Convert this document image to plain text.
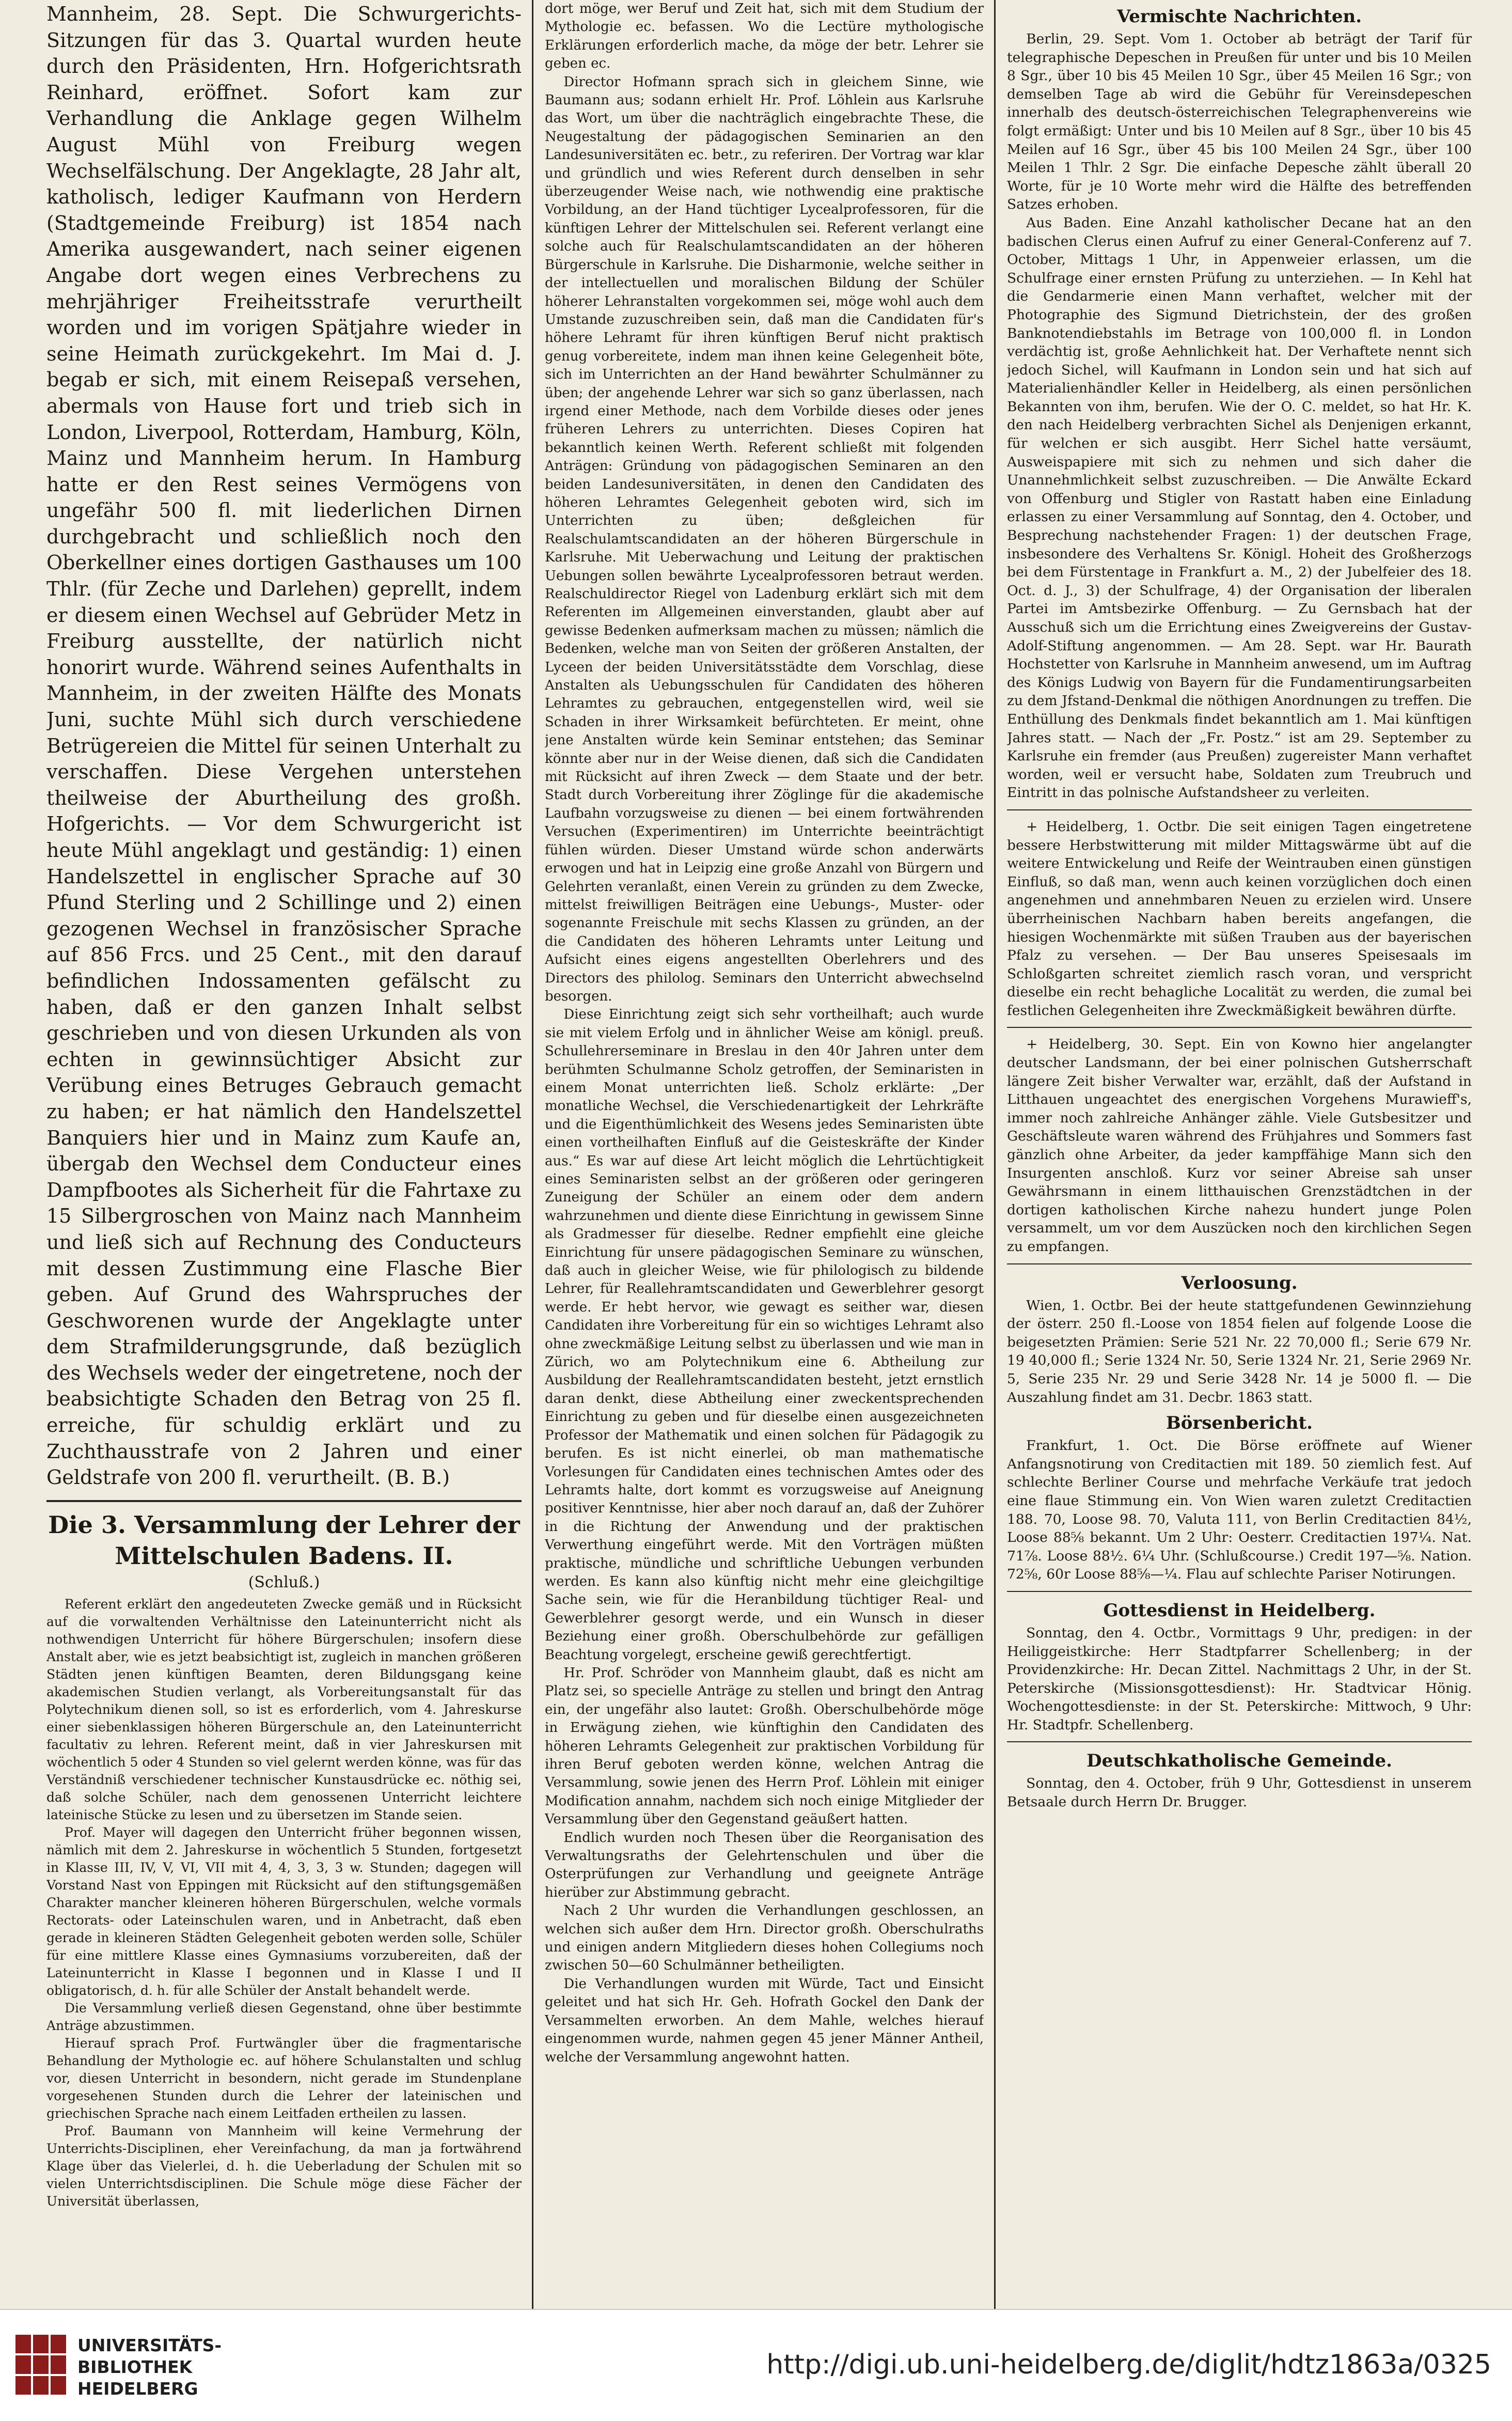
Mannheim, 28. Sept. Die Schwurgerichts-Sitzungen für das 3. Quartal wurden heute durch den Präsidenten, Hrn. Hofgerichtsrath Reinhard, eröffnet. Sofort kam zur Verhandlung die Anklage gegen Wilhelm August Mühl von Freiburg wegen Wechselfälschung. Der Angeklagte, 28 Jahr alt, katholisch, lediger Kaufmann von Herdern (Stadtgemeinde Freiburg) ist 1854 nach Amerika ausgewandert, nach seiner eigenen Angabe dort wegen eines Verbrechens zu mehrjähriger Freiheitsstrafe verurtheilt worden und im vorigen Spätjahre wieder in seine Heimath zurückgekehrt. Im Mai d. J. begab er sich, mit einem Reisepaß versehen, abermals von Hause fort und trieb sich in London, Liverpool, Rotterdam, Hamburg, Köln, Mainz und Mannheim herum. In Hamburg hatte er den Rest seines Vermögens von ungefähr 500 fl. mit liederlichen Dirnen durchgebracht und schließlich noch den Oberkellner eines dortigen Gasthauses um 100 Thlr. (für Zeche und Darlehen) geprellt, indem er diesem einen Wechsel auf Gebrüder Metz in Freiburg ausstellte, der natürlich nicht honorirt wurde. Während seines Aufenthalts in Mannheim, in der zweiten Hälfte des Monats Juni, suchte Mühl sich durch verschiedene Betrügereien die Mittel für seinen Unterhalt zu verschaffen. Diese Vergehen unterstehen theilweise der Aburtheilung des großh. Hofgerichts. — Vor dem Schwurgericht ist heute Mühl angeklagt und geständig: 1) einen Handelszettel in englischer Sprache auf 30 Pfund Sterling und 2 Schillinge und 2) einen gezogenen Wechsel in französischer Sprache auf 856 Frcs. und 25 Cent., mit den darauf befindlichen Indossamenten gefälscht zu haben, daß er den ganzen Inhalt selbst geschrieben und von diesen Urkunden als von echten in gewinnsüchtiger Absicht zur Verübung eines Betruges Gebrauch gemacht zu haben; er hat nämlich den Handelszettel Banquiers hier und in Mainz zum Kaufe an, übergab den Wechsel dem Conducteur eines Dampfbootes als Sicherheit für die Fahrtaxe zu 15 Silbergroschen von Mainz nach Mannheim und ließ sich auf Rechnung des Conducteurs mit dessen Zustimmung eine Flasche Bier geben. Auf Grund des Wahrspruches der Geschworenen wurde der Angeklagte unter dem Strafmilderungsgrunde, daß bezüglich des Wechsels weder der eingetretene, noch der beabsichtigte Schaden den Betrag von 25 fl. erreiche, für schuldig erklärt und zu Zuchthausstrafe von 2 Jahren und einer Geldstrafe von 200 fl. verurtheilt. (B. B.)

Die 3. Versammlung der Lehrer der Mittelschulen Badens. II.
(Schluß.)

Referent erklärt den angedeuteten Zwecke gemäß und in Rücksicht auf die vorwaltenden Verhältnisse den Lateinunterricht nicht als nothwendigen Unterricht für höhere Bürgerschulen; insofern diese Anstalt aber, wie es jetzt beabsichtigt ist, zugleich in manchen größeren Städten jenen künftigen Beamten, deren Bildungsgang keine akademischen Studien verlangt, als Vorbereitungsanstalt für das Polytechnikum dienen soll, so ist es erforderlich, vom 4. Jahreskurse einer siebenklassigen höheren Bürgerschule an, den Lateinunterricht facultativ zu lehren. Referent meint, daß in vier Jahreskursen mit wöchentlich 5 oder 4 Stunden so viel gelernt werden könne, was für das Verständniß verschiedener technischer Kunstausdrücke ec. nöthig sei, daß solche Schüler, nach dem genossenen Unterricht leichtere lateinische Stücke zu lesen und zu übersetzen im Stande seien.

Prof. Mayer will dagegen den Unterricht früher begonnen wissen, nämlich mit dem 2. Jahreskurse in wöchentlich 5 Stunden, fortgesetzt in Klasse III, IV, V, VI, VII mit 4, 4, 3, 3, 3 w. Stunden; dagegen will Vorstand Nast von Eppingen mit Rücksicht auf den stiftungsgemäßen Charakter mancher kleineren höheren Bürgerschulen, welche vormals Rectorats- oder Lateinschulen waren, und in Anbetracht, daß eben gerade in kleineren Städten Gelegenheit geboten werden solle, Schüler für eine mittlere Klasse eines Gymnasiums vorzubereiten, daß der Lateinunterricht in Klasse I begonnen und in Klasse I und II obligatorisch, d. h. für alle Schüler der Anstalt behandelt werde.

Die Versammlung verließ diesen Gegenstand, ohne über bestimmte Anträge abzustimmen.

Hierauf sprach Prof. Furtwängler über die fragmentarische Behandlung der Mythologie ec. auf höhere Schulanstalten und schlug vor, diesen Unterricht in besondern, nicht gerade im Stundenplane vorgesehenen Stunden durch die Lehrer der lateinischen und griechischen Sprache nach einem Leitfaden ertheilen zu lassen.

Prof. Baumann von Mannheim will keine Vermehrung der Unterrichts-Disciplinen, eher Vereinfachung, da man ja fortwährend Klage über das Vielerlei, d. h. die Ueberladung der Schulen mit so vielen Unterrichtsdisciplinen. Die Schule möge diese Fächer der Universität überlassen,

dort möge, wer Beruf und Zeit hat, sich mit dem Studium der Mythologie ec. befassen. Wo die Lectüre mythologische Erklärungen erforderlich mache, da möge der betr. Lehrer sie geben ec.

Director Hofmann sprach sich in gleichem Sinne, wie Baumann aus; sodann erhielt Hr. Prof. Löhlein aus Karlsruhe das Wort, um über die nachträglich eingebrachte These, die Neugestaltung der pädagogischen Seminarien an den Landesuniversitäten ec. betr., zu referiren. Der Vortrag war klar und gründlich und wies Referent durch denselben in sehr überzeugender Weise nach, wie nothwendig eine praktische Vorbildung, an der Hand tüchtiger Lycealprofessoren, für die künftigen Lehrer der Mittelschulen sei. Referent verlangt eine solche auch für Realschulamtscandidaten an der höheren Bürgerschule in Karlsruhe. Die Disharmonie, welche seither in der intellectuellen und moralischen Bildung der Schüler höherer Lehranstalten vorgekommen sei, möge wohl auch dem Umstande zuzuschreiben sein, daß man die Candidaten für's höhere Lehramt für ihren künftigen Beruf nicht praktisch genug vorbereitete, indem man ihnen keine Gelegenheit böte, sich im Unterrichten an der Hand bewährter Schulmänner zu üben; der angehende Lehrer war sich so ganz überlassen, nach irgend einer Methode, nach dem Vorbilde dieses oder jenes früheren Lehrers zu unterrichten. Dieses Copiren hat bekanntlich keinen Werth. Referent schließt mit folgenden Anträgen: Gründung von pädagogischen Seminaren an den beiden Landesuniversitäten, in denen den Candidaten des höheren Lehramtes Gelegenheit geboten wird, sich im Unterrichten zu üben; deßgleichen für Realschulamtscandidaten an der höheren Bürgerschule in Karlsruhe. Mit Ueberwachung und Leitung der praktischen Uebungen sollen bewährte Lycealprofessoren betraut werden. Realschuldirector Riegel von Ladenburg erklärt sich mit dem Referenten im Allgemeinen einverstanden, glaubt aber auf gewisse Bedenken aufmerksam machen zu müssen; nämlich die Bedenken, welche man von Seiten der größeren Anstalten, der Lyceen der beiden Universitätsstädte dem Vorschlag, diese Anstalten als Uebungsschulen für Candidaten des höheren Lehramtes zu gebrauchen, entgegenstellen wird, weil sie Schaden in ihrer Wirksamkeit befürchteten. Er meint, ohne jene Anstalten würde kein Seminar entstehen; das Seminar könnte aber nur in der Weise dienen, daß sich die Candidaten mit Rücksicht auf ihren Zweck — dem Staate und der betr. Stadt durch Vorbereitung ihrer Zöglinge für die akademische Laufbahn vorzugsweise zu dienen — bei einem fortwährenden Versuchen (Experimentiren) im Unterrichte beeinträchtigt fühlen würden. Dieser Umstand würde schon anderwärts erwogen und hat in Leipzig eine große Anzahl von Bürgern und Gelehrten veranlaßt, einen Verein zu gründen zu dem Zwecke, mittelst freiwilligen Beiträgen eine Uebungs-, Muster- oder sogenannte Freischule mit sechs Klassen zu gründen, an der die Candidaten des höheren Lehramts unter Leitung und Aufsicht eines eigens angestellten Oberlehrers und des Directors des philolog. Seminars den Unterricht abwechselnd besorgen.

Diese Einrichtung zeigt sich sehr vortheilhaft; auch wurde sie mit vielem Erfolg und in ähnlicher Weise am königl. preuß. Schullehrerseminare in Breslau in den 40r Jahren unter dem berühmten Schulmanne Scholz getroffen, der Seminaristen in einem Monat unterrichten ließ. Scholz erklärte: „Der monatliche Wechsel, die Verschiedenartigkeit der Lehrkräfte und die Eigenthümlichkeit des Wesens jedes Seminaristen übte einen vortheilhaften Einfluß auf die Geisteskräfte der Kinder aus.“ Es war auf diese Art leicht möglich die Lehrtüchtigkeit eines Seminaristen selbst an der größeren oder geringeren Zuneigung der Schüler an einem oder dem andern wahrzunehmen und diente diese Einrichtung in gewissem Sinne als Gradmesser für dieselbe. Redner empfiehlt eine gleiche Einrichtung für unsere pädagogischen Seminare zu wünschen, daß auch in gleicher Weise, wie für philologisch zu bildende Lehrer, für Reallehramtscandidaten und Gewerblehrer gesorgt werde. Er hebt hervor, wie gewagt es seither war, diesen Candidaten ihre Vorbereitung für ein so wichtiges Lehramt also ohne zweckmäßige Leitung selbst zu überlassen und wie man in Zürich, wo am Polytechnikum eine 6. Abtheilung zur Ausbildung der Reallehramtscandidaten besteht, jetzt ernstlich daran denkt, diese Abtheilung einer zweckentsprechenden Einrichtung zu geben und für dieselbe einen ausgezeichneten Professor der Mathematik und einen solchen für Pädagogik zu berufen. Es ist nicht einerlei, ob man mathematische Vorlesungen für Candidaten eines technischen Amtes oder des Lehramts halte, dort kommt es vorzugsweise auf Aneignung positiver Kenntnisse, hier aber noch darauf an, daß der Zuhörer in die Richtung der Anwendung und der praktischen Verwerthung eingeführt werde. Mit den Vorträgen müßten praktische, mündliche und schriftliche Uebungen verbunden werden. Es kann also künftig nicht mehr eine gleichgiltige Sache sein, wie für die Heranbildung tüchtiger Real- und Gewerblehrer gesorgt werde, und ein Wunsch in dieser Beziehung einer großh. Oberschulbehörde zur gefälligen Beachtung vorgelegt, erscheine gewiß gerechtfertigt.

Hr. Prof. Schröder von Mannheim glaubt, daß es nicht am Platz sei, so specielle Anträge zu stellen und bringt den Antrag ein, der ungefähr also lautet: Großh. Oberschulbehörde möge in Erwägung ziehen, wie künftighin den Candidaten des höheren Lehramts Gelegenheit zur praktischen Vorbildung für ihren Beruf geboten werden könne, welchen Antrag die Versammlung, sowie jenen des Herrn Prof. Löhlein mit einiger Modification annahm, nachdem sich noch einige Mitglieder der Versammlung über den Gegenstand geäußert hatten.

Endlich wurden noch Thesen über die Reorganisation des Verwaltungsraths der Gelehrtenschulen und über die Osterprüfungen zur Verhandlung und geeignete Anträge hierüber zur Abstimmung gebracht.

Nach 2 Uhr wurden die Verhandlungen geschlossen, an welchen sich außer dem Hrn. Director großh. Oberschulraths und einigen andern Mitgliedern dieses hohen Collegiums noch zwischen 50—60 Schulmänner betheiligten.

Die Verhandlungen wurden mit Würde, Tact und Einsicht geleitet und hat sich Hr. Geh. Hofrath Gockel den Dank der Versammelten erworben. An dem Mahle, welches hierauf eingenommen wurde, nahmen gegen 45 jener Männer Antheil, welche der Versammlung angewohnt hatten.

Vermischte Nachrichten.

Berlin, 29. Sept. Vom 1. October ab beträgt der Tarif für telegraphische Depeschen in Preußen für unter und bis 10 Meilen 8 Sgr., über 10 bis 45 Meilen 10 Sgr., über 45 Meilen 16 Sgr.; von demselben Tage ab wird die Gebühr für Vereinsdepeschen innerhalb des deutsch-österreichischen Telegraphenvereins wie folgt ermäßigt: Unter und bis 10 Meilen auf 8 Sgr., über 10 bis 45 Meilen auf 16 Sgr., über 45 bis 100 Meilen 24 Sgr., über 100 Meilen 1 Thlr. 2 Sgr. Die einfache Depesche zählt überall 20 Worte, für je 10 Worte mehr wird die Hälfte des betreffenden Satzes erhoben.

Aus Baden. Eine Anzahl katholischer Decane hat an den badischen Clerus einen Aufruf zu einer General-Conferenz auf 7. October, Mittags 1 Uhr, in Appenweier erlassen, um die Schulfrage einer ernsten Prüfung zu unterziehen. — In Kehl hat die Gendarmerie einen Mann verhaftet, welcher mit der Photographie des Sigmund Dietrichstein, der des großen Banknotendiebstahls im Betrage von 100,000 fl. in London verdächtig ist, große Aehnlichkeit hat. Der Verhaftete nennt sich jedoch Sichel, will Kaufmann in London sein und hat sich auf Materialienhändler Keller in Heidelberg, als einen persönlichen Bekannten von ihm, berufen. Wie der O. C. meldet, so hat Hr. K. den nach Heidelberg verbrachten Sichel als Denjenigen erkannt, für welchen er sich ausgibt. Herr Sichel hatte versäumt, Ausweispapiere mit sich zu nehmen und sich daher die Unannehmlichkeit selbst zuzuschreiben. — Die Anwälte Eckard von Offenburg und Stigler von Rastatt haben eine Einladung erlassen zu einer Versammlung auf Sonntag, den 4. October, und Besprechung nachstehender Fragen: 1) der deutschen Frage, insbesondere des Verhaltens Sr. Königl. Hoheit des Großherzogs bei dem Fürstentage in Frankfurt a. M., 2) der Jubelfeier des 18. Oct. d. J., 3) der Schulfrage, 4) der Organisation der liberalen Partei im Amtsbezirke Offenburg. — Zu Gernsbach hat der Ausschuß sich um die Errichtung eines Zweigvereins der Gustav-Adolf-Stiftung angenommen. — Am 28. Sept. war Hr. Baurath Hochstetter von Karlsruhe in Mannheim anwesend, um im Auftrag des Königs Ludwig von Bayern für die Fundamentirungsarbeiten zu dem Jfstand-Denkmal die nöthigen Anordnungen zu treffen. Die Enthüllung des Denkmals findet bekanntlich am 1. Mai künftigen Jahres statt. — Nach der „Fr. Postz.“ ist am 29. September zu Karlsruhe ein fremder (aus Preußen) zugereister Mann verhaftet worden, weil er versucht habe, Soldaten zum Treubruch und Eintritt in das polnische Aufstandsheer zu verleiten.

+ Heidelberg, 1. Octbr. Die seit einigen Tagen eingetretene bessere Herbstwitterung mit milder Mittagswärme übt auf die weitere Entwickelung und Reife der Weintrauben einen günstigen Einfluß, so daß man, wenn auch keinen vorzüglichen doch einen angenehmen und annehmbaren Neuen zu erzielen wird. Unsere überrheinischen Nachbarn haben bereits angefangen, die hiesigen Wochenmärkte mit süßen Trauben aus der bayerischen Pfalz zu versehen. — Der Bau unseres Speisesaals im Schloßgarten schreitet ziemlich rasch voran, und verspricht dieselbe ein recht behagliche Localität zu werden, die zumal bei festlichen Gelegenheiten ihre Zweckmäßigkeit bewähren dürfte.

+ Heidelberg, 30. Sept. Ein von Kowno hier angelangter deutscher Landsmann, der bei einer polnischen Gutsherrschaft längere Zeit bisher Verwalter war, erzählt, daß der Aufstand in Litthauen ungeachtet des energischen Vorgehens Murawieff's, immer noch zahlreiche Anhänger zähle. Viele Gutsbesitzer und Geschäftsleute waren während des Frühjahres und Sommers fast gänzlich ohne Arbeiter, da jeder kampffähige Mann sich den Insurgenten anschloß. Kurz vor seiner Abreise sah unser Gewährsmann in einem litthauischen Grenzstädtchen in der dortigen katholischen Kirche nahezu hundert junge Polen versammelt, um vor dem Auszücken noch den kirchlichen Segen zu empfangen.

Verloosung.

Wien, 1. Octbr. Bei der heute stattgefundenen Gewinnziehung der österr. 250 fl.-Loose von 1854 fielen auf folgende Loose die beigesetzten Prämien: Serie 521 Nr. 22 70,000 fl.; Serie 679 Nr. 19 40,000 fl.; Serie 1324 Nr. 50, Serie 1324 Nr. 21, Serie 2969 Nr. 5, Serie 235 Nr. 29 und Serie 3428 Nr. 14 je 5000 fl. — Die Auszahlung findet am 31. Decbr. 1863 statt.

Börsenbericht.

Frankfurt, 1. Oct. Die Börse eröffnete auf Wiener Anfangsnotirung von Creditactien mit 189. 50 ziemlich fest. Auf schlechte Berliner Course und mehrfache Verkäufe trat jedoch eine flaue Stimmung ein. Von Wien waren zuletzt Creditactien 188. 70, Loose 98. 70, Valuta 111, von Berlin Creditactien 84½, Loose 88⅝ bekannt. Um 2 Uhr: Oesterr. Creditactien 197¼. Nat. 71⅞. Loose 88½. 6¼ Uhr. (Schlußcourse.) Credit 197—⅝. Nation. 72⅝, 60r Loose 88⅝—¼. Flau auf schlechte Pariser Notirungen.

Gottesdienst in Heidelberg.

Sonntag, den 4. Octbr., Vormittags 9 Uhr, predigen: in der Heiliggeistkirche: Herr Stadtpfarrer Schellenberg; in der Providenzkirche: Hr. Decan Zittel. Nachmittags 2 Uhr, in der St. Peterskirche (Missionsgottesdienst): Hr. Stadtvicar Hönig. Wochengottesdienste: in der St. Peterskirche: Mittwoch, 9 Uhr: Hr. Stadtpfr. Schellenberg.

Deutschkatholische Gemeinde.

Sonntag, den 4. October, früh 9 Uhr, Gottesdienst in unserem Betsaale durch Herrn Dr. Brugger.

UNIVERSITÄTS-
BIBLIOTHEK
HEIDELBERG
http://digi.ub.uni-heidelberg.de/diglit/hdtz1863a/0325
